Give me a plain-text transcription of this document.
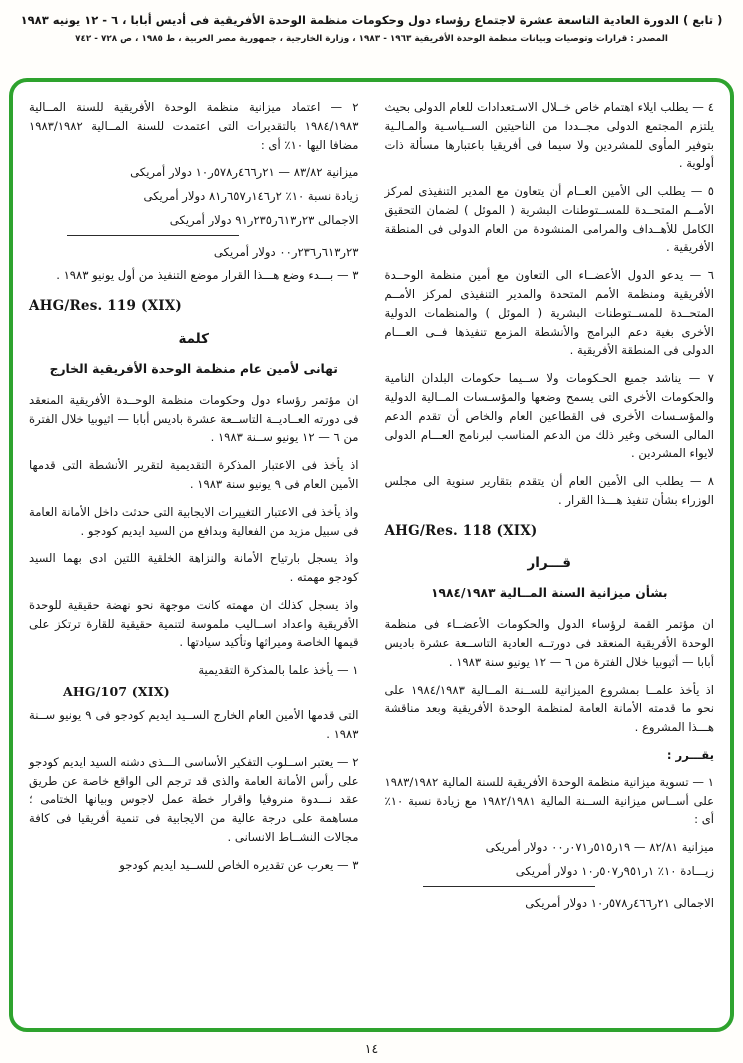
( تابع ) الدورة العادية التاسعة عشرة لاجتماع رؤساء دول وحكومات منظمة الوحدة الأفريقية فى أديس أبابا ، ٦ - ١٢ يونيه ١٩٨٣
المصدر : قرارات وتوصيات وبيانات منظمة الوحدة الأفريقية ١٩٦٣ - ١٩٨٣ ، وزارة الخارجية ، جمهورية مصر العربية ، ط ١٩٨٥ ، ص ٧٢٨ - ٧٤٢

٤ — يطلب ايلاء اهتمام خاص خــلال الاسـتعدادات للعام الدولى بحيث يلتزم المجتمع الدولى مجــددا من الناحيتين الســياسـية والمـالـية بتوفير المأوى للمشردين ولا سيما فى أفريقيا باعتبارها مسألة ذات أولوية .

٥ — يطلب الى الأمين العــام أن يتعاون مع المدير التنفيذى لمركز الأمــم المتحــدة للمســتوطنات البشرية ( الموئل ) لضمان التحقيق الكامل للأهــداف والمرامى المنشودة من العام الدولى فى المنطقة الأفريقية .

٦ — يدعو الدول الأعضــاء الى التعاون مع أمين منظمة الوحــدة الأفريقية ومنظمة الأمم المتحدة والمدير التنفيذى لمركز الأمــم المتحــدة للمســتوطنات البشرية ( الموئل ) والمنظمات الدولية الأخرى بغية دعم البرامج والأنشطة المزمع تنفيذها فــى العـــام الدولى فى المنطقة الأفريقية .

٧ — يناشد جميع الحـكومات ولا ســيما حكومات البلدان النامية والحكومات الأخرى التى يسمح وضعها والمؤسـسات المــالية الدولية والمؤسـسات الأخرى فى القطاعين العام والخاص أن تقدم الدعم المالى السخى وغير ذلك من الدعم المناسب لبرنامج العـــام الدولى لايواء المشردين .

٨ — يطلب الى الأمين العام أن يتقدم بتقارير سنوية الى مجلس الوزراء بشأن تنفيذ هـــذا القرار .

AHG/Res. 118 (XIX)
قـــرار
بشأن ميزانية السنة المــالية ١٩٨٤/١٩٨٣

ان مؤتمر القمة لرؤساء الدول والحكومات الأعضــاء فى منظمة الوحدة الأفريقية المنعقد فى دورتــه العادية التاســعة عشرة باديس أبابا — أثيوبيا خلال الفترة من ٦ — ١٢ يونيو سنة ١٩٨٣ .

اذ يأخذ علمــا بمشروع الميزانية للســنة المــالية ١٩٨٤/١٩٨٣ على نحو ما قدمته الأمانة العامة لمنظمة الوحدة الأفريقية وبعد مناقشة هـــذا المشروع .

يقـــرر :

١ — تسوية ميزانية منظمة الوحدة الأفريقية للسنة المالية ١٩٨٣/١٩٨٢ على أســاس ميزانية الســنة المالية ١٩٨٢/١٩٨١ مع زيادة نسبة ١٠٪ أى :

ميزانية ٨٢/٨١ — ١٩ر٥١٥ر٠٧١ر٠٠ دولار أمريكى

زيـــادة ١٠٪ ١ر٩٥١ر٥٠٧ر١٠ دولار أمريكى

الاجمالى ٢١ر٤٦٦ر٥٧٨ر١٠ دولار أمريكى

٢ — اعتماد ميزانية منظمة الوحدة الأفريقية للسنة المــالية ١٩٨٤/١٩٨٣ بالتقديرات التى اعتمدت للسنة المــالية ١٩٨٣/١٩٨٢ مضافا اليها ١٠٪ أى :

ميزانية ٨٣/٨٢ — ٢١ر٤٦٦ر٥٧٨ر١٠ دولار أمريكى

زيادة نسبة ١٠٪ ٢ر١٤٦ر٦٥٧ر٨١ دولار أمريكى

الاجمالى ٢٣ر٦١٣ر٢٣٥ر٩١ دولار أمريكى

٢٣ر٦١٣ر٢٣٦ر٠٠ دولار أمريكى

٣ — بـــدء وضع هـــذا القرار موضع التنفيذ من أول يونيو ١٩٨٣ .

AHG/Res. 119 (XIX)
كلمة
تهانى لأمين عام منظمة الوحدة الأفريقية الخارج

ان مؤتمر رؤساء دول وحكومات منظمة الوحــدة الأفريقية المنعقد فى دورته العــاديــة التاســعة عشرة باديس أبابا — اثيوبيا خلال الفترة من ٦ — ١٢ يونيو ســنة ١٩٨٣ .

اذ يأخذ فى الاعتبار المذكرة التقديمية لتقرير الأنشطة التى قدمها الأمين العام فى ٩ يونيو سنة ١٩٨٣ .

واذ يأخذ فى الاعتبار التغييرات الايجابية التى حدثت داخل الأمانة العامة فى سبيل مزيد من الفعالية وبدافع من السيد ايديم كودجو .

واذ يسجل بارتياح الأمانة والنزاهة الخلقية اللتين ادى بهما السيد كودجو مهمته .

واذ يسجل كذلك ان مهمته كانت موجهة نحو نهضة حقيقية للوحدة الأفريقية واعداد اســاليب ملموسة لتنمية حقيقية للقارة ترتكز على قيمها الخاصة وميراثها وتأكيد سيادتها .

١ — يأخذ علما بالمذكرة التقديمية

AHG/107 (XIX)

التى قدمها الأمين العام الخارج الســيد ايديم كودجو فى ٩ يونيو ســنة ١٩٨٣ .

٢ — يعتبر اســلوب التفكير الأساسى الـــذى دشنه السيد ايديم كودجو على رأس الأمانة العامة والذى قد ترجم الى الواقع خاصة عن طريق عقد نـــدوة منروفيا واقرار خطة عمل لاجوس وبيانها الختامى ؛ مساهمة على درجة عالية من الايجابية فى تنمية أفريقيا فى كافة مجالات النشــاط الانسانى .

٣ — يعرب عن تقديره الخاص للســيد ايديم كودجو

١٤
